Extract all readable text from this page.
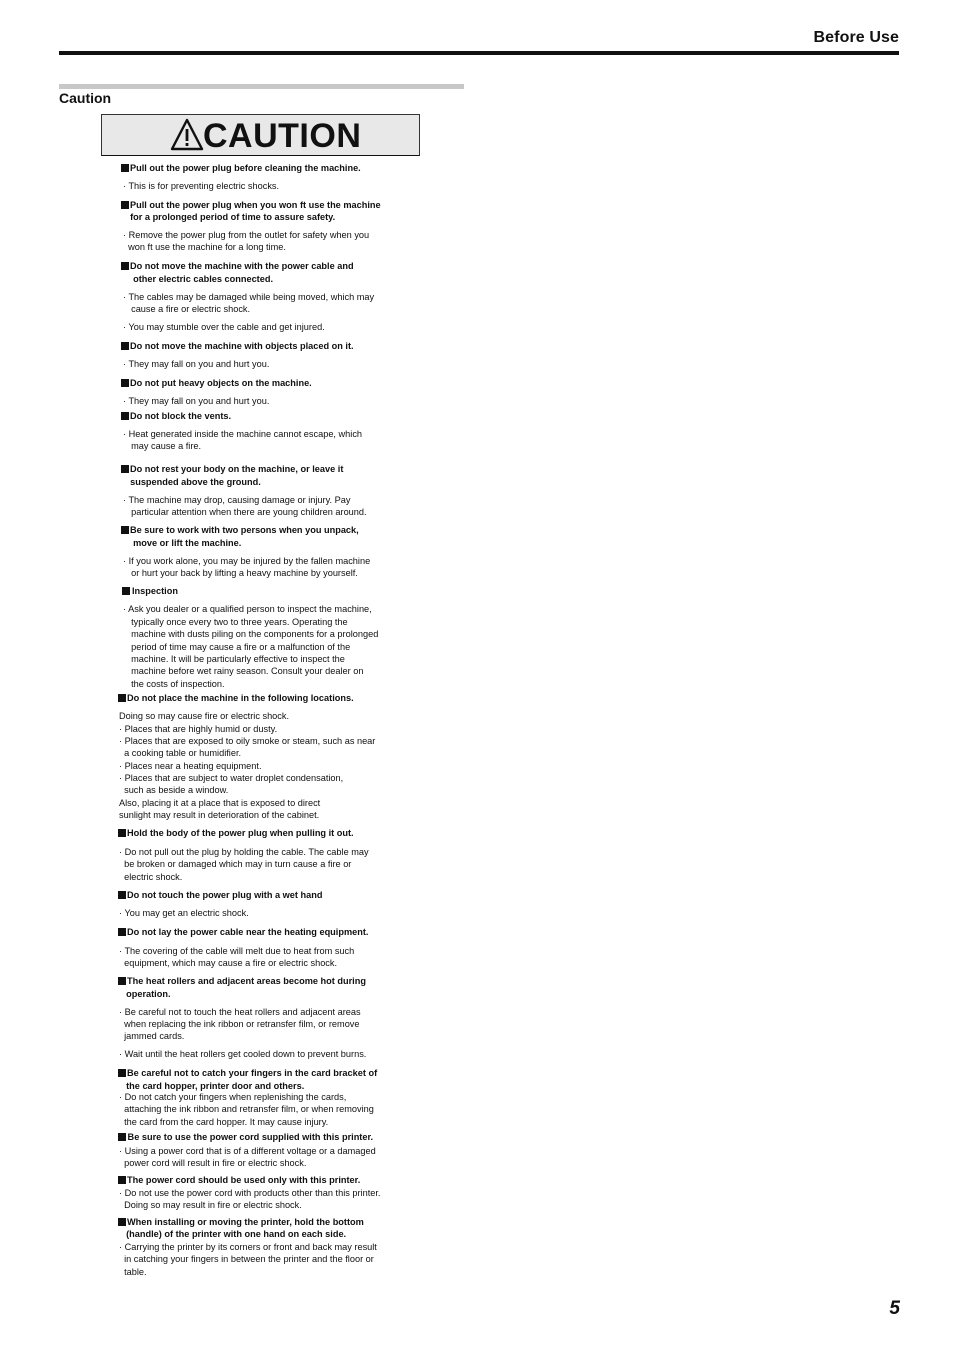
Before Use
Caution
CAUTION
Pull out the power plug before cleaning the machine.
· This is for preventing electric shocks.
Pull out the power plug when you won ft use the machine
for a prolonged period of time to assure safety.
· Remove the power plug from the outlet for safety when you
won ft use the machine for a long time.
Do not move the machine with the power cable and
other electric cables connected.
· The cables may be damaged while being moved, which may
cause a fire or electric shock.
· You may stumble over the cable and get injured.
Do not move the machine with objects placed on it.
· They may fall on you and hurt you.
Do not put heavy objects on the machine.
· They may fall on you and hurt you.
Do not block the vents.
· Heat generated inside the machine cannot escape, which
may cause a fire.
Do not rest your body on the machine, or leave it
suspended above the ground.
· The machine may drop, causing damage or injury. Pay
particular attention when there are young children around.
Be sure to work with two persons when you unpack,
move or lift the machine.
· If you work alone, you may be injured by the fallen machine
or hurt your back by lifting a heavy machine by yourself.
Inspection
· Ask you dealer or a qualified person to inspect the machine,
typically once every two to three years. Operating the
machine with dusts piling on the components for a prolonged
period of time may cause a fire or a malfunction of the
machine. It will be particularly effective to inspect the
machine before wet rainy season. Consult your dealer on
the costs of inspection.
Do not place the machine in the following locations.
Doing so may cause fire or electric shock.
· Places that are highly humid or dusty.
· Places that are exposed to oily smoke or steam, such as near
a cooking table or humidifier.
· Places near a heating equipment.
· Places that are subject to water droplet condensation,
such as beside a window.
Also, placing it at a place that is exposed to direct
sunlight may result in deterioration of the cabinet.
Hold the body of the power plug when pulling it out.
· Do not pull out the plug by holding the cable. The cable may
be broken or damaged which may in turn cause a fire or
electric shock.
Do not touch the power plug with a wet hand
· You may get an electric shock.
Do not lay the power cable near the heating equipment.
· The covering of the cable will melt due to heat from such
equipment, which may cause a fire or electric shock.
The heat rollers and adjacent areas become hot during
operation.
· Be careful not to touch the heat rollers and adjacent areas
when replacing the ink ribbon or retransfer film, or remove
jammed cards.
· Wait until the heat rollers get cooled down to prevent burns.
Be careful not to catch your fingers in the card bracket of
the card hopper, printer door and others.
· Do not catch your fingers when replenishing the cards,
attaching the ink ribbon and retransfer film, or when removing
the card from the card hopper. It may cause injury.
Be sure to use the power cord supplied with this printer.
· Using a power cord that is of a different voltage or a damaged
power cord will result in fire or electric shock.
The power cord should be used only with this printer.
· Do not use the power cord with products other than this printer.
Doing so may result in fire or electric shock.
When installing or moving the printer, hold the bottom
(handle) of the printer with one hand on each side.
· Carrying the printer by its corners or front and back may result
in catching your fingers in between the printer and the floor or
table.
5
